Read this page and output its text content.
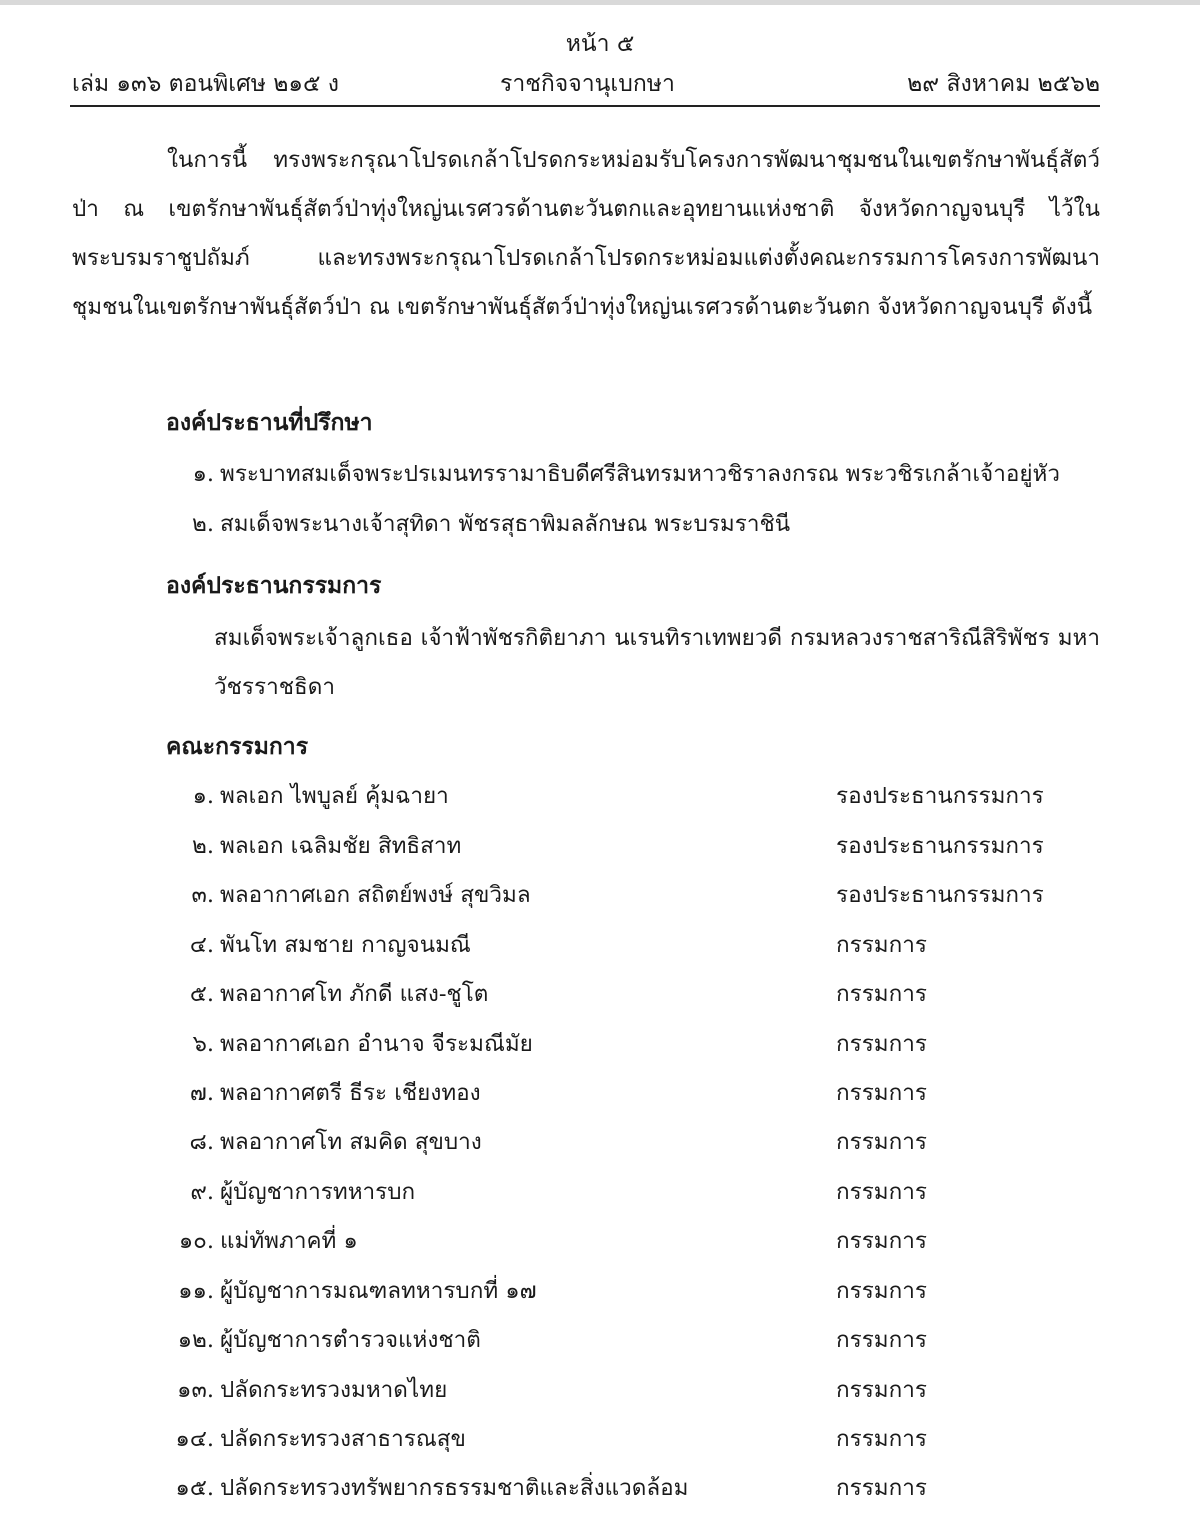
หน้า ๕
เล่ม ๑๓๖ ตอนพิเศษ ๒๑๕ ง	ราชกิจจานุเบกษา	๒๙ สิงหาคม ๒๕๖๒

ในการนี้ ทรงพระกรุณาโปรดเกล้าโปรดกระหม่อมรับโครงการพัฒนาชุมชนในเขตรักษาพันธุ์สัตว์ป่า ณ เขตรักษาพันธุ์สัตว์ป่าทุ่งใหญ่นเรศวรด้านตะวันตกและอุทยานแห่งชาติ จังหวัดกาญจนบุรี ไว้ในพระบรมราชูปถัมภ์ และทรงพระกรุณาโปรดเกล้าโปรดกระหม่อมแต่งตั้งคณะกรรมการโครงการพัฒนาชุมชนในเขตรักษาพันธุ์สัตว์ป่า ณ เขตรักษาพันธุ์สัตว์ป่าทุ่งใหญ่นเรศวรด้านตะวันตก จังหวัดกาญจนบุรี ดังนี้

องค์ประธานที่ปรึกษา
๑. พระบาทสมเด็จพระปรเมนทรรามาธิบดีศรีสินทรมหาวชิราลงกรณ พระวชิรเกล้าเจ้าอยู่หัว
๒. สมเด็จพระนางเจ้าสุทิดา พัชรสุธาพิมลลักษณ พระบรมราชินี
องค์ประธานกรรมการ

สมเด็จพระเจ้าลูกเธอ เจ้าฟ้าพัชรกิติยาภา นเรนทิราเทพยวดี กรมหลวงราชสาริณีสิริพัชร มหาวัชรราชธิดา

คณะกรรมการ
๑. พลเอก ไพบูลย์ คุ้มฉายา	รองประธานกรรมการ
๒. พลเอก เฉลิมชัย สิทธิสาท	รองประธานกรรมการ
๓. พลอากาศเอก สถิตย์พงษ์ สุขวิมล	รองประธานกรรมการ
๔. พันโท สมชาย กาญจนมณี	กรรมการ
๕. พลอากาศโท ภักดี แสง-ชูโต	กรรมการ
๖. พลอากาศเอก อำนาจ จีระมณีมัย	กรรมการ
๗. พลอากาศตรี ธีระ เชียงทอง	กรรมการ
๘. พลอากาศโท สมคิด สุขบาง	กรรมการ
๙. ผู้บัญชาการทหารบก	กรรมการ
๑๐. แม่ทัพภาคที่ ๑	กรรมการ
๑๑. ผู้บัญชาการมณฑลทหารบกที่ ๑๗	กรรมการ
๑๒. ผู้บัญชาการตำรวจแห่งชาติ	กรรมการ
๑๓. ปลัดกระทรวงมหาดไทย	กรรมการ
๑๔. ปลัดกระทรวงสาธารณสุข	กรรมการ
๑๕. ปลัดกระทรวงทรัพยากรธรรมชาติและสิ่งแวดล้อม	กรรมการ
